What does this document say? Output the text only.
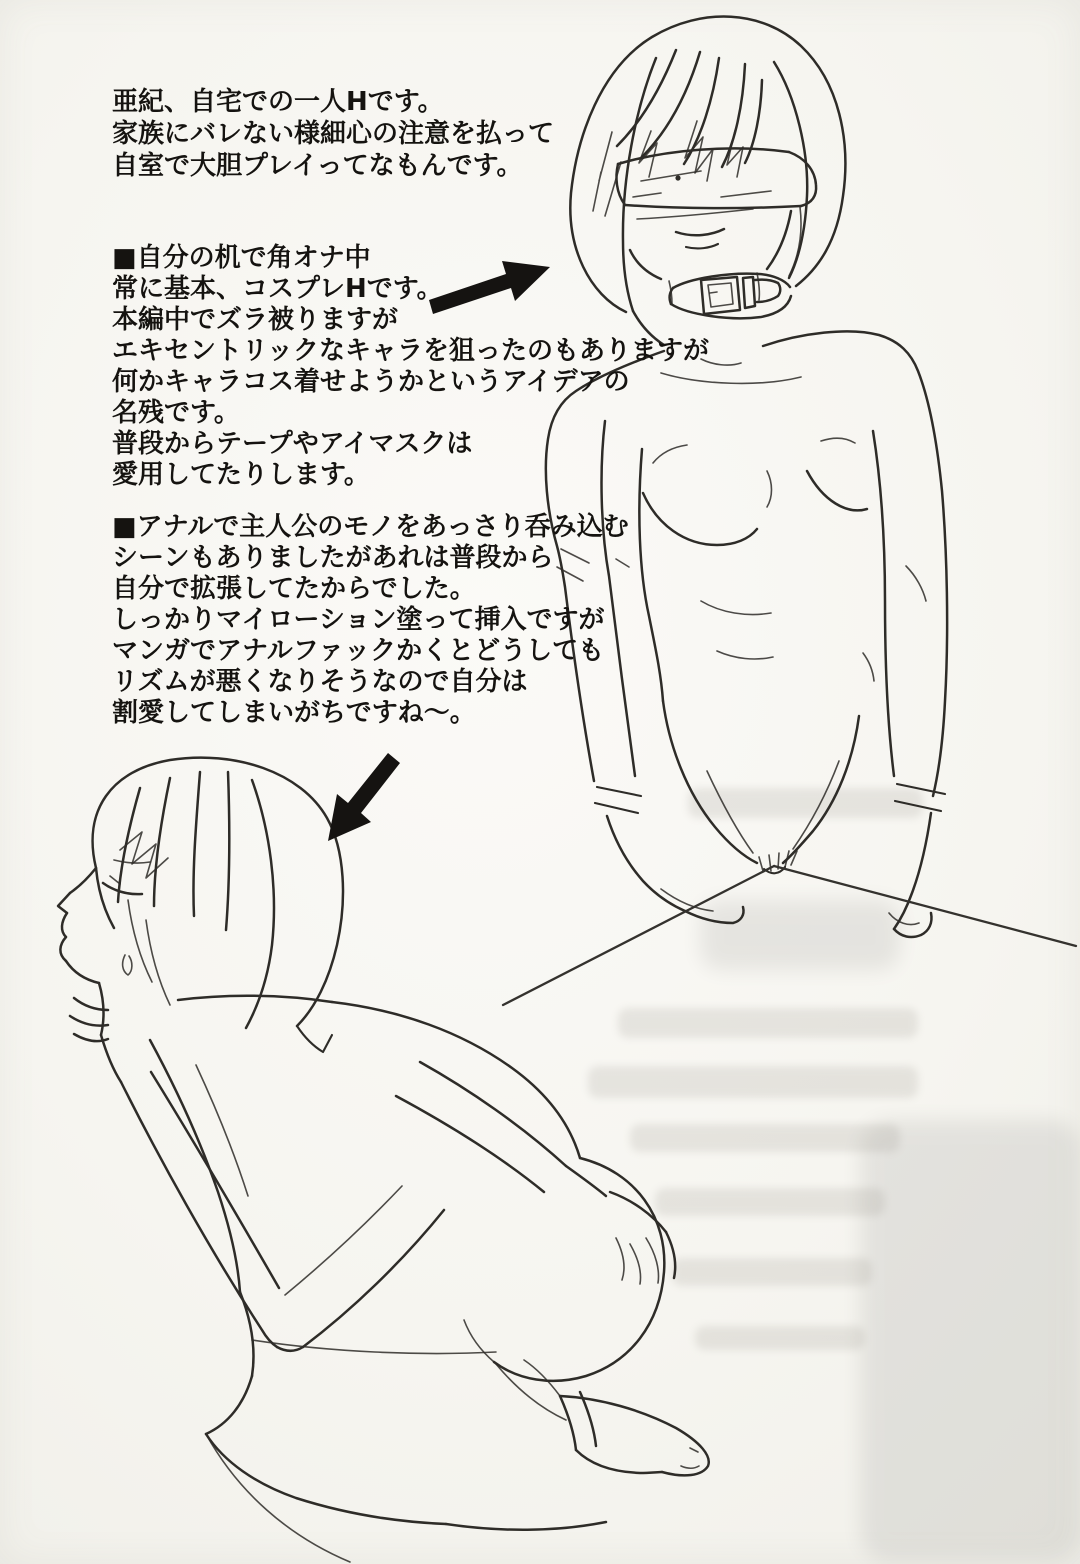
亜紀、自宅での一人Hです。
家族にバレない様細心の注意を払って
自室で大胆プレイってなもんです。
■自分の机で角オナ中
常に基本、コスプレHです。
本編中でズラ被りますが
エキセントリックなキャラを狙ったのもありますが
何かキャラコス着せようかというアイデアの
名残です。
普段からテープやアイマスクは
愛用してたりします。
■アナルで主人公のモノをあっさり呑み込む
シーンもありましたがあれは普段から
自分で拡張してたからでした。
しっかりマイローション塗って挿入ですが
マンガでアナルファックかくとどうしても
リズムが悪くなりそうなので自分は
割愛してしまいがちですね〜。
